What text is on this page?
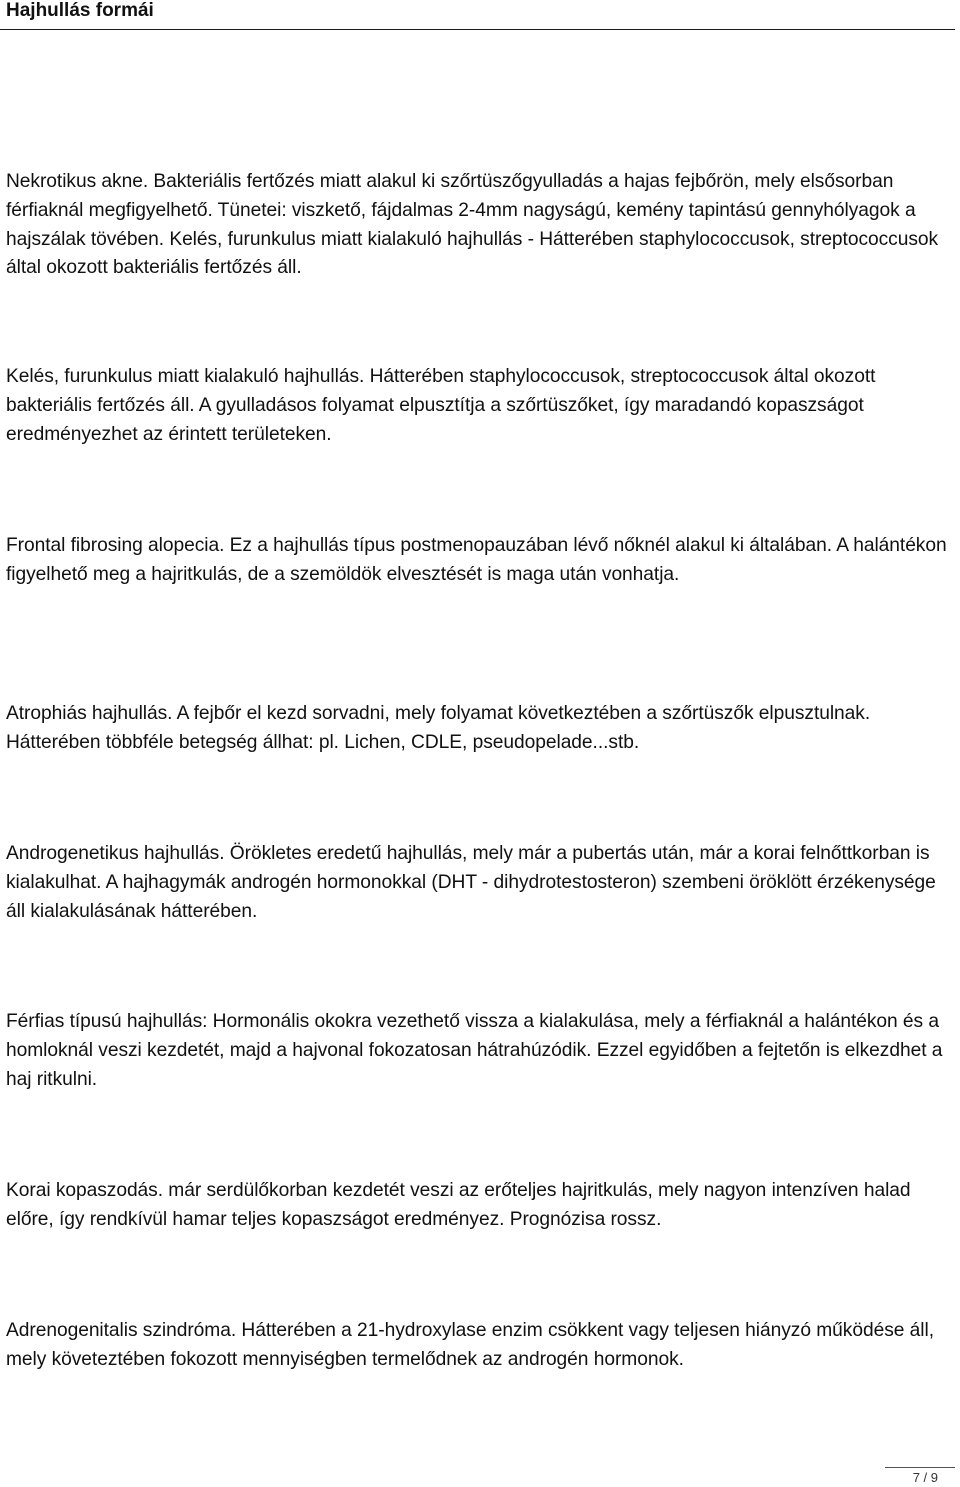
Hajhullás formái

Nekrotikus akne. Bakteriális fertőzés miatt alakul ki szőrtüszőgyulladás a hajas fejbőrön, mely elsősorban férfiaknál megfigyelhető. Tünetei: viszkető, fájdalmas 2-4mm nagyságú, kemény tapintású gennyhólyagok a hajszálak tövében. Kelés, furunkulus miatt kialakuló hajhullás - Hátterében staphylococcusok, streptococcusok által okozott bakteriális fertőzés áll.

Kelés, furunkulus miatt kialakuló hajhullás. Hátterében staphylococcusok, streptococcusok által okozott bakteriális fertőzés áll. A gyulladásos folyamat elpusztítja a szőrtüszőket, így maradandó kopaszságot eredményezhet az érintett területeken.

Frontal fibrosing alopecia. Ez a hajhullás típus postmenopauzában lévő nőknél alakul ki általában. A halántékon figyelhető meg a hajritkulás, de a szemöldök elvesztését is maga után vonhatja.

Atrophiás hajhullás. A fejbőr el kezd sorvadni, mely folyamat következtében a szőrtüszők elpusztulnak. Hátterében többféle betegség állhat: pl. Lichen, CDLE, pseudopelade...stb.

Androgenetikus hajhullás. Örökletes eredetű hajhullás, mely már a pubertás után, már a korai felnőttkorban is kialakulhat. A hajhagymák androgén hormonokkal (DHT - dihydrotestosteron) szembeni öröklött érzékenysége áll kialakulásának hátterében.

Férfias típusú hajhullás: Hormonális okokra vezethető vissza a kialakulása, mely a férfiaknál a halántékon és a homloknál veszi kezdetét, majd a hajvonal fokozatosan hátrahúzódik. Ezzel egyidőben a fejtetőn is elkezdhet a haj ritkulni.

Korai kopaszodás. már serdülőkorban kezdetét veszi az erőteljes hajritkulás, mely nagyon intenzíven halad előre, így rendkívül hamar teljes kopaszságot eredményez. Prognózisa rossz.

Adrenogenitalis szindróma. Hátterében a 21-hydroxylase enzim csökkent vagy teljesen hiányzó működése áll, mely követeztében fokozott mennyiségben termelődnek az androgén hormonok.

7 / 9
